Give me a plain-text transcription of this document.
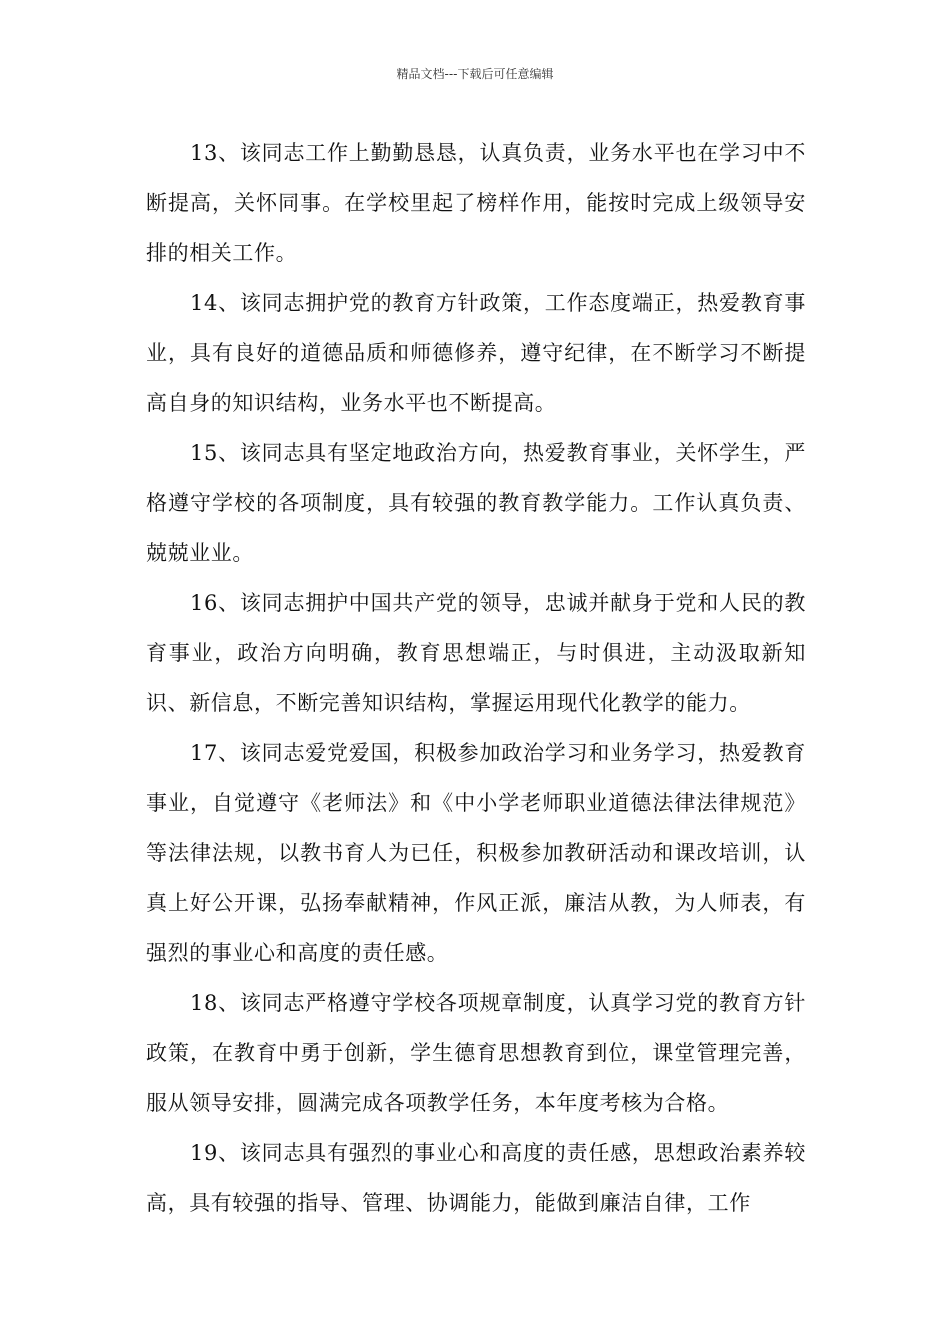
精品文档---下载后可任意编辑

13、该同志工作上勤勤恳恳，认真负责，业务水平也在学习中不断提高，关怀同事。在学校里起了榜样作用，能按时完成上级领导安排的相关工作。

14、该同志拥护党的教育方针政策，工作态度端正，热爱教育事业，具有良好的道德品质和师德修养，遵守纪律，在不断学习不断提高自身的知识结构，业务水平也不断提高。

15、该同志具有坚定地政治方向，热爱教育事业，关怀学生，严格遵守学校的各项制度，具有较强的教育教学能力。工作认真负责、兢兢业业。

16、该同志拥护中国共产党的领导，忠诚并献身于党和人民的教育事业，政治方向明确，教育思想端正，与时俱进，主动汲取新知识、新信息，不断完善知识结构，掌握运用现代化教学的能力。

17、该同志爱党爱国，积极参加政治学习和业务学习，热爱教育事业，自觉遵守《老师法》和《中小学老师职业道德法律法律规范》等法律法规，以教书育人为已任，积极参加教研活动和课改培训，认真上好公开课，弘扬奉献精神，作风正派，廉洁从教，为人师表，有强烈的事业心和高度的责任感。

18、该同志严格遵守学校各项规章制度，认真学习党的教育方针政策，在教育中勇于创新，学生德育思想教育到位，课堂管理完善，服从领导安排，圆满完成各项教学任务，本年度考核为合格。

19、该同志具有强烈的事业心和高度的责任感，思想政治素养较高，具有较强的指导、管理、协调能力，能做到廉洁自律，工作
